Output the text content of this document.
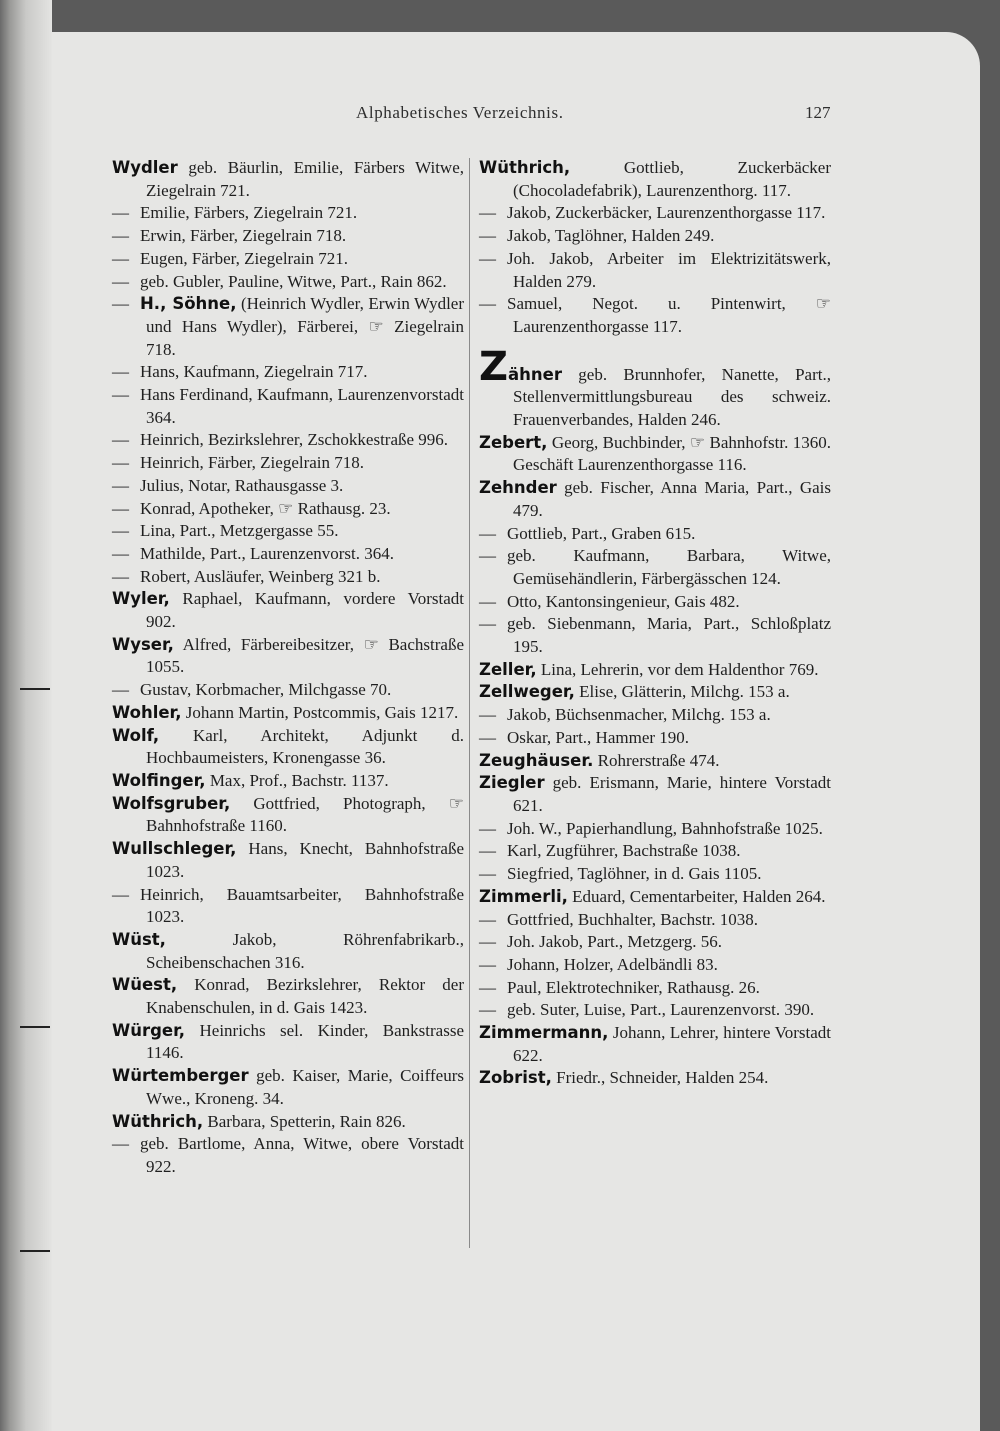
Alphabetisches Verzeichnis.	127

Wydler geb. Bäurlin, Emilie, Färbers Witwe, Ziegelrain 721.

— Emilie, Färbers, Ziegelrain 721.

— Erwin, Färber, Ziegelrain 718.

— Eugen, Färber, Ziegelrain 721.

— geb. Gubler, Pauline, Witwe, Part., Rain 862.

— H., Söhne, (Heinrich Wydler, Erwin Wydler und Hans Wydler), Färberei, ☞ Ziegelrain 718.

— Hans, Kaufmann, Ziegelrain 717.

— Hans Ferdinand, Kaufmann, Laurenzenvorstadt 364.

— Heinrich, Bezirkslehrer, Zschokkestraße 996.

— Heinrich, Färber, Ziegelrain 718.

— Julius, Notar, Rathausgasse 3.

— Konrad, Apotheker, ☞ Rathausg. 23.

— Lina, Part., Metzgergasse 55.

— Mathilde, Part., Laurenzenvorst. 364.

— Robert, Ausläufer, Weinberg 321 b.

Wyler, Raphael, Kaufmann, vordere Vorstadt 902.

Wyser, Alfred, Färbereibesitzer, ☞ Bachstraße 1055.

— Gustav, Korbmacher, Milchgasse 70.

Wohler, Johann Martin, Postcommis, Gais 1217.

Wolf, Karl, Architekt, Adjunkt d. Hochbaumeisters, Kronengasse 36.

Wolfinger, Max, Prof., Bachstr. 1137.

Wolfsgruber, Gottfried, Photograph, ☞ Bahnhofstraße 1160.

Wullschleger, Hans, Knecht, Bahnhofstraße 1023.

— Heinrich, Bauamtsarbeiter, Bahnhofstraße 1023.

Wüst, Jakob, Röhrenfabrikarb., Scheibenschachen 316.

Wüest, Konrad, Bezirkslehrer, Rektor der Knabenschulen, in d. Gais 1423.

Würger, Heinrichs sel. Kinder, Bankstrasse 1146.

Würtemberger geb. Kaiser, Marie, Coiffeurs Wwe., Kroneng. 34.

Wüthrich, Barbara, Spetterin, Rain 826.

— geb. Bartlome, Anna, Witwe, obere Vorstadt 922.

Wüthrich, Gottlieb, Zuckerbäcker (Chocoladefabrik), Laurenzenthorg. 117.

— Jakob, Zuckerbäcker, Laurenzenthorgasse 117.

— Jakob, Taglöhner, Halden 249.

— Joh. Jakob, Arbeiter im Elektrizitätswerk, Halden 279.

— Samuel, Negot. u. Pintenwirt, ☞ Laurenzenthorgasse 117.

Zähner geb. Brunnhofer, Nanette, Part., Stellenvermittlungsbureau des schweiz. Frauenverbandes, Halden 246.

Zebert, Georg, Buchbinder, ☞ Bahnhofstr. 1360. Geschäft Laurenzenthorgasse 116.

Zehnder geb. Fischer, Anna Maria, Part., Gais 479.

— Gottlieb, Part., Graben 615.

— geb. Kaufmann, Barbara, Witwe, Gemüsehändlerin, Färbergässchen 124.

— Otto, Kantonsingenieur, Gais 482.

— geb. Siebenmann, Maria, Part., Schloßplatz 195.

Zeller, Lina, Lehrerin, vor dem Haldenthor 769.

Zellweger, Elise, Glätterin, Milchg. 153 a.

— Jakob, Büchsenmacher, Milchg. 153 a.

— Oskar, Part., Hammer 190.

Zeughäuser. Rohrerstraße 474.

Ziegler geb. Erismann, Marie, hintere Vorstadt 621.

— Joh. W., Papierhandlung, Bahnhofstraße 1025.

— Karl, Zugführer, Bachstraße 1038.

— Siegfried, Taglöhner, in d. Gais 1105.

Zimmerli, Eduard, Cementarbeiter, Halden 264.

— Gottfried, Buchhalter, Bachstr. 1038.

— Joh. Jakob, Part., Metzgerg. 56.

— Johann, Holzer, Adelbändli 83.

— Paul, Elektrotechniker, Rathausg. 26.

— geb. Suter, Luise, Part., Laurenzenvorst. 390.

Zimmermann, Johann, Lehrer, hintere Vorstadt 622.

Zobrist, Friedr., Schneider, Halden 254.
